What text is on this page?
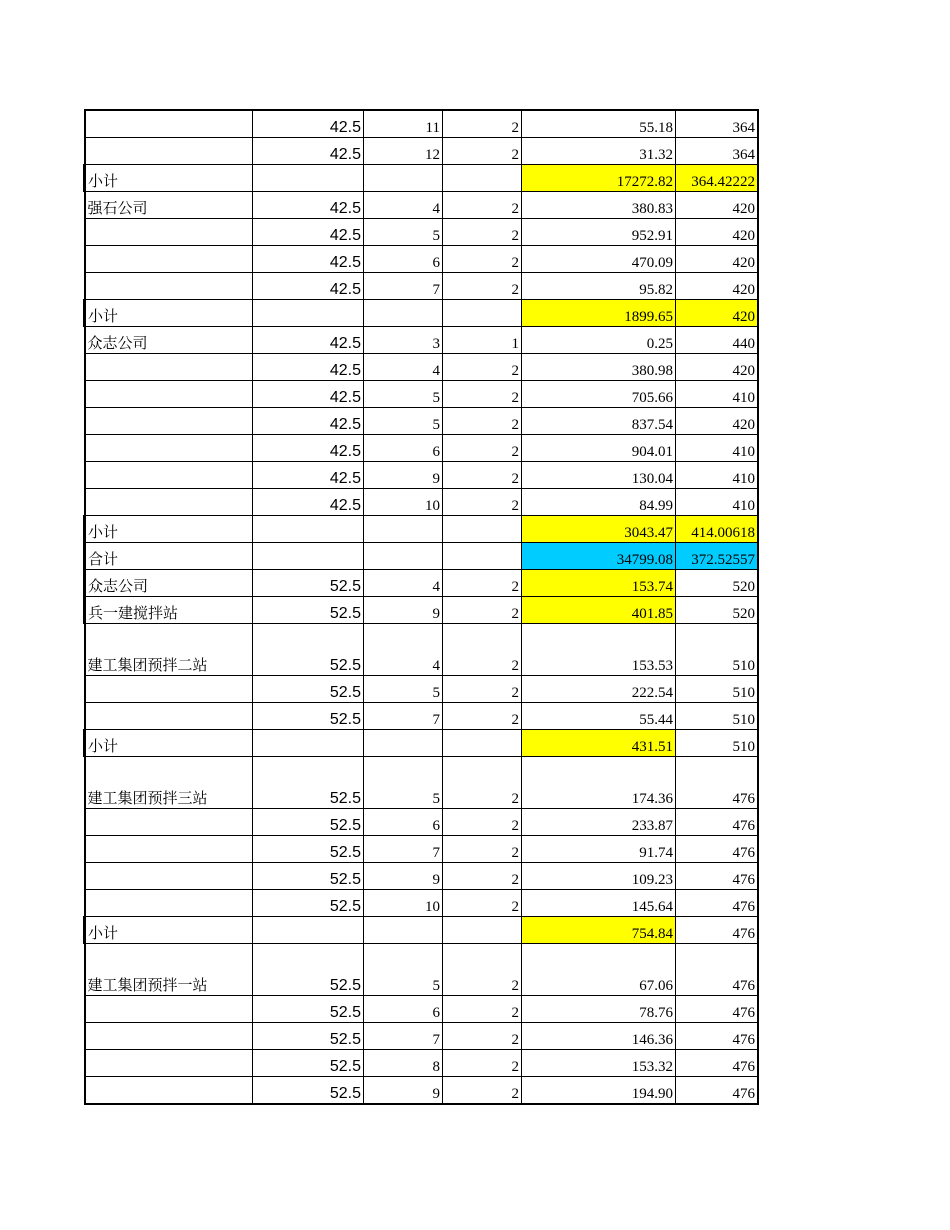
	42.5	11	2	55.18	364
	42.5	12	2	31.32	364
小计				17272.82	364.42222
强石公司	42.5	4	2	380.83	420
	42.5	5	2	952.91	420
	42.5	6	2	470.09	420
	42.5	7	2	95.82	420
小计				1899.65	420
众志公司	42.5	3	1	0.25	440
	42.5	4	2	380.98	420
	42.5	5	2	705.66	410
	42.5	5	2	837.54	420
	42.5	6	2	904.01	410
	42.5	9	2	130.04	410
	42.5	10	2	84.99	410
小计				3043.47	414.00618
合计				34799.08	372.52557
众志公司	52.5	4	2	153.74	520
兵一建搅拌站	52.5	9	2	401.85	520
建工集团预拌二站	52.5	4	2	153.53	510
	52.5	5	2	222.54	510
	52.5	7	2	55.44	510
小计				431.51	510
建工集团预拌三站	52.5	5	2	174.36	476
	52.5	6	2	233.87	476
	52.5	7	2	91.74	476
	52.5	9	2	109.23	476
	52.5	10	2	145.64	476
小计				754.84	476
建工集团预拌一站	52.5	5	2	67.06	476
	52.5	6	2	78.76	476
	52.5	7	2	146.36	476
	52.5	8	2	153.32	476
	52.5	9	2	194.90	476
